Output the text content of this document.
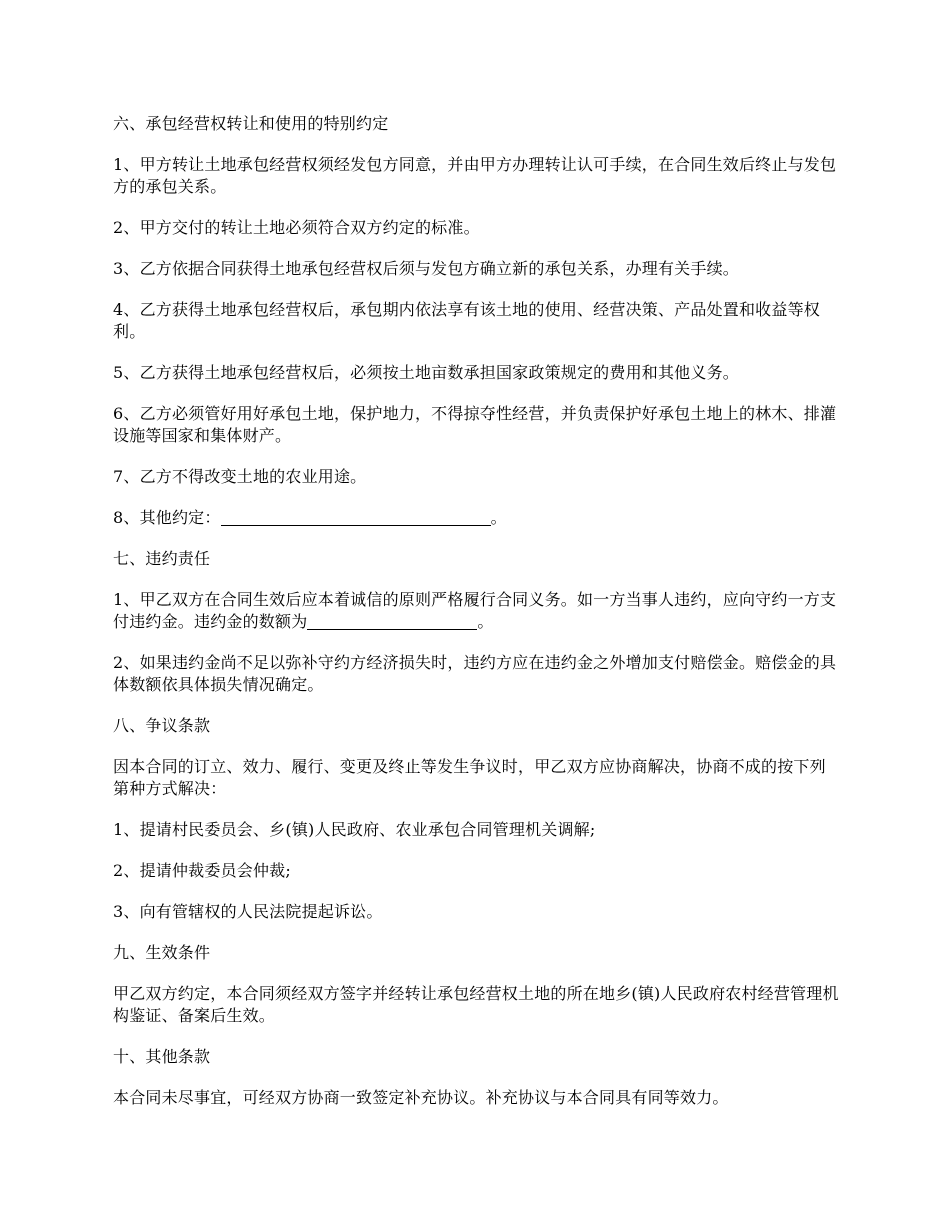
六、承包经营权转让和使用的特别约定

1、甲方转让土地承包经营权须经发包方同意，并由甲方办理转让认可手续，在合同生效后终止与发包方的承包关系。

2、甲方交付的转让土地必须符合双方约定的标准。

3、乙方依据合同获得土地承包经营权后须与发包方确立新的承包关系，办理有关手续。

4、乙方获得土地承包经营权后，承包期内依法享有该土地的使用、经营决策、产品处置和收益等权利。

5、乙方获得土地承包经营权后，必须按土地亩数承担国家政策规定的费用和其他义务。

6、乙方必须管好用好承包土地，保护地力，不得掠夺性经营，并负责保护好承包土地上的林木、排灌设施等国家和集体财产。

7、乙方不得改变土地的农业用途。

8、其他约定：	。

七、违约责任

1、甲乙双方在合同生效后应本着诚信的原则严格履行合同义务。如一方当事人违约，应向守约一方支付违约金。违约金的数额为	。

2、如果违约金尚不足以弥补守约方经济损失时，违约方应在违约金之外增加支付赔偿金。赔偿金的具体数额依具体损失情况确定。

八、争议条款

因本合同的订立、效力、履行、变更及终止等发生争议时，甲乙双方应协商解决，协商不成的按下列第种方式解决：

1、提请村民委员会、乡(镇)人民政府、农业承包合同管理机关调解;

2、提请仲裁委员会仲裁;

3、向有管辖权的人民法院提起诉讼。

九、生效条件

甲乙双方约定，本合同须经双方签字并经转让承包经营权土地的所在地乡(镇)人民政府农村经营管理机构鉴证、备案后生效。

十、其他条款

本合同未尽事宜，可经双方协商一致签定补充协议。补充协议与本合同具有同等效力。
